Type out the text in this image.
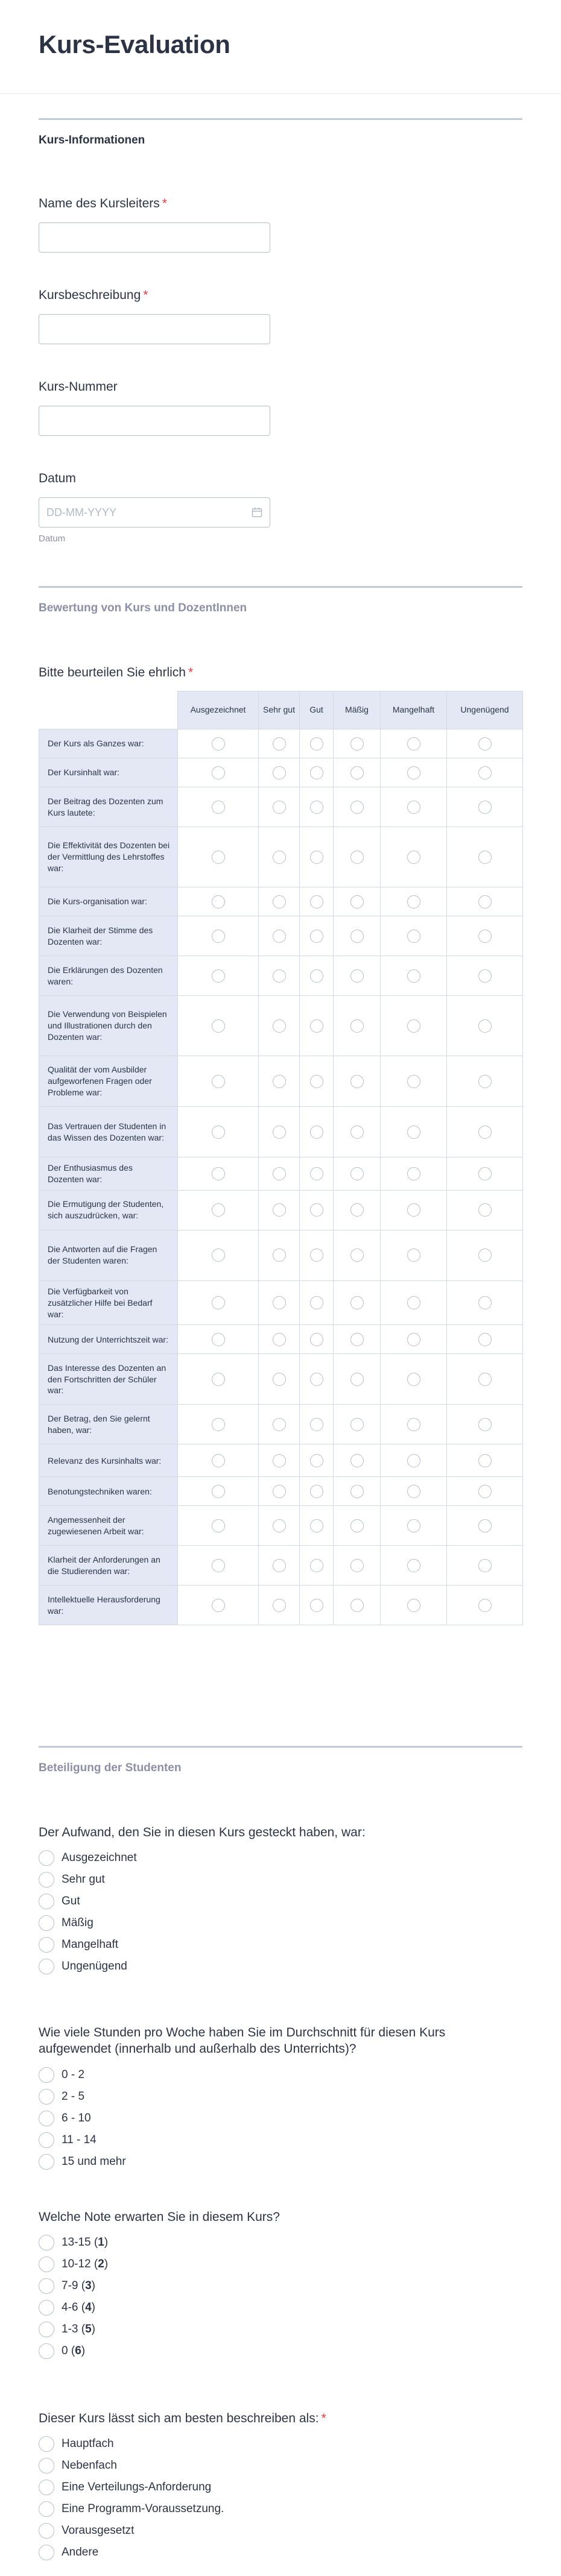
Kurs-Evaluation
Kurs-Informationen
Name des Kursleiters *
Kursbeschreibung *
Kurs-Nummer
Datum
DD-MM-YYYY
Datum
Bewertung von Kurs und DozentInnen
Bitte beurteilen Sie ehrlich *
	Ausgezeichnet	Sehr gut	Gut	Mäßig	Mangelhaft	Ungenügend
Der Kurs als Ganzes war:						
Der Kursinhalt war:						
Der Beitrag des Dozenten zum Kurs lautete:						
Die Effektivität des Dozenten bei der Vermittlung des Lehrstoffes war:						
Die Kurs-organisation war:						
Die Klarheit der Stimme des Dozenten war:						
Die Erklärungen des Dozenten waren:						
Die Verwendung von Beispielen und Illustrationen durch den Dozenten war:						
Qualität der vom Ausbilder aufgeworfenen Fragen oder Probleme war:						
Das Vertrauen der Studenten in das Wissen des Dozenten war:						
Der Enthusiasmus des Dozenten war:						
Die Ermutigung der Studenten, sich auszudrücken, war:						
Die Antworten auf die Fragen der Studenten waren:						
Die Verfügbarkeit von zusätzlicher Hilfe bei Bedarf war:						
Nutzung der Unterrichtszeit war:						
Das Interesse des Dozenten an den Fortschritten der Schüler war:						
Der Betrag, den Sie gelernt haben, war:						
Relevanz des Kursinhalts war:						
Benotungstechniken waren:						
Angemessenheit der zugewiesenen Arbeit war:						
Klarheit der Anforderungen an die Studierenden war:						
Intellektuelle Herausforderung war:						
Beteiligung der Studenten
Der Aufwand, den Sie in diesen Kurs gesteckt haben, war:
Ausgezeichnet
Sehr gut
Gut
Mäßig
Mangelhaft
Ungenügend
Wie viele Stunden pro Woche haben Sie im Durchschnitt für diesen Kurs aufgewendet (innerhalb und außerhalb des Unterrichts)?
0 - 2
2 - 5
6 - 10
11 - 14
15 und mehr
Welche Note erwarten Sie in diesem Kurs?
13-15 (1)
10-12 (2)
7-9 (3)
4-6 (4)
1-3 (5)
0 (6)
Dieser Kurs lässt sich am besten beschreiben als: *
Hauptfach
Nebenfach
Eine Verteilungs-Anforderung
Eine Programm-Voraussetzung.
Vorausgesetzt
Andere
